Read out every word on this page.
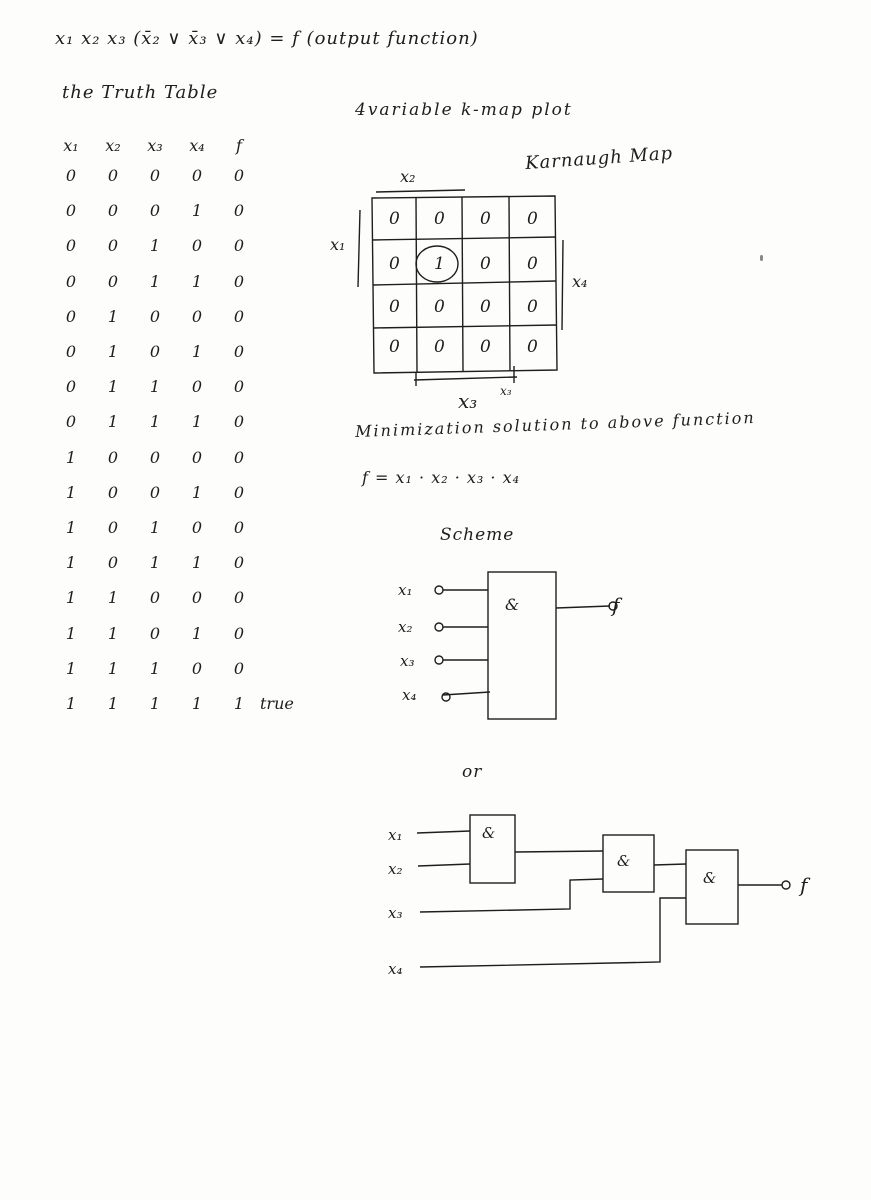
x₁ x₂ x₃ (x̄₂ ∨ x̄₃ ∨ x₄) = f (output function)
the Truth Table
x₁	x₂	x₃	x₄	f	
0	0	0	0	0	
0	0	0	1	0	
0	0	1	0	0	
0	0	1	1	0	
0	1	0	0	0	
0	1	0	1	0	
0	1	1	0	0	
0	1	1	1	0	
1	0	0	0	0	
1	0	0	1	0	
1	0	1	0	0	
1	0	1	1	0	
1	1	0	0	0	
1	1	0	1	0	
1	1	1	0	0	
1	1	1	1	1	true
4variable k-map plot
Karnaugh Map
Minimization solution to above function
f = x₁ · x₂ · x₃ · x₄
Scheme
or
0 0 0 0
0 1 0 0
0 0 0 0
0 0 0 0
x₂
x₁
x₄
x₃ x₃
x₁
x₂
x₃
x₄
&	f
x₁
x₂
x₃
x₄
&
&
&	f
